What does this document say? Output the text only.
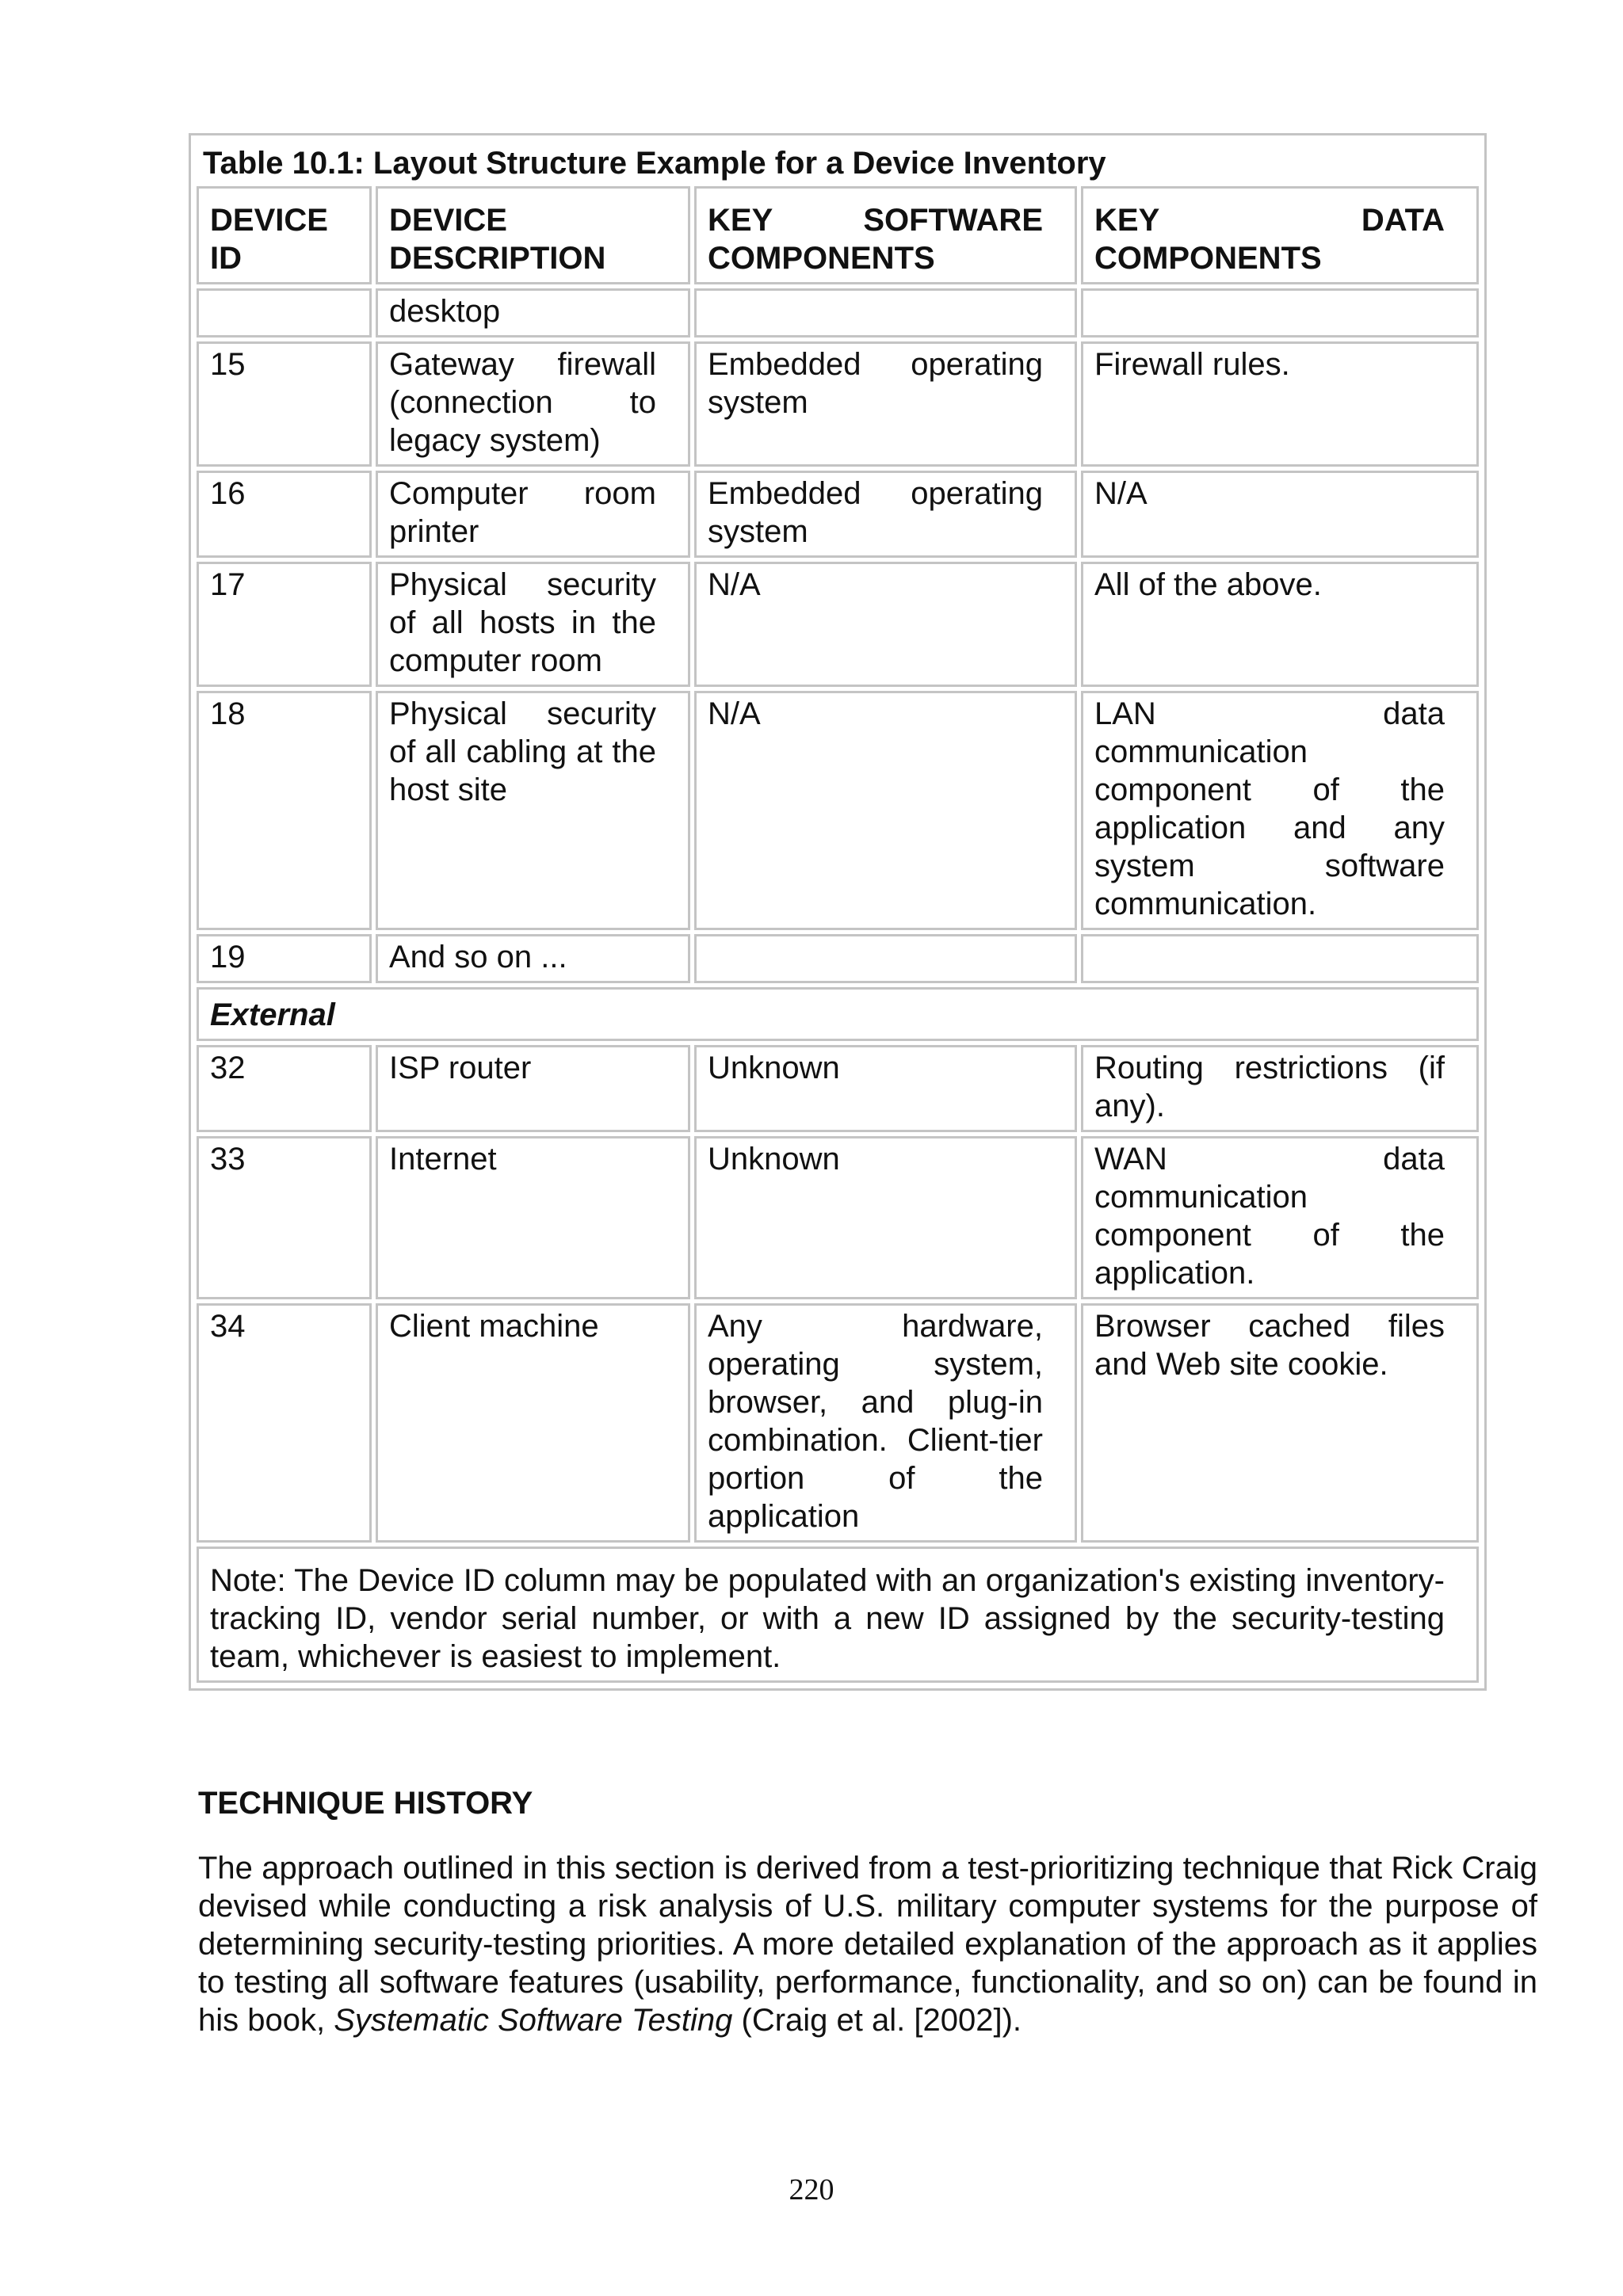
Table 10.1: Layout Structure Example for a Device Inventory			
DEVICE ID	DEVICE DESCRIPTION	KEY SOFTWARE COMPONENTS	KEY DATA COMPONENTS
	desktop		
15	Gateway firewall (connection to legacy system)	Embedded operating system	Firewall rules.
16	Computer room printer	Embedded operating system	N/A
17	Physical security of all hosts in the computer room	N/A	All of the above.
18	Physical security of all cabling at the host site	N/A	LAN data communication component of the application and any system software communication.
19	And so on ...		
External			
32	ISP router	Unknown	Routing restrictions (if any).
33	Internet	Unknown	WAN data communication component of the application.
34	Client machine	Any hardware, operating system, browser, and plug-in combination. Client-tier portion of the application	Browser cached files and Web site cookie.
Note: The Device ID column may be populated with an organization's existing inventory-tracking ID, vendor serial number, or with a new ID assigned by the security-testing team, whichever is easiest to implement.			
TECHNIQUE HISTORY

The approach outlined in this section is derived from a test-prioritizing technique that Rick Craig devised while conducting a risk analysis of U.S. military computer systems for the purpose of determining security-testing priorities. A more detailed explanation of the approach as it applies to testing all software features (usability, performance, functionality, and so on) can be found in his book, Systematic Software Testing (Craig et al. [2002]).

220
